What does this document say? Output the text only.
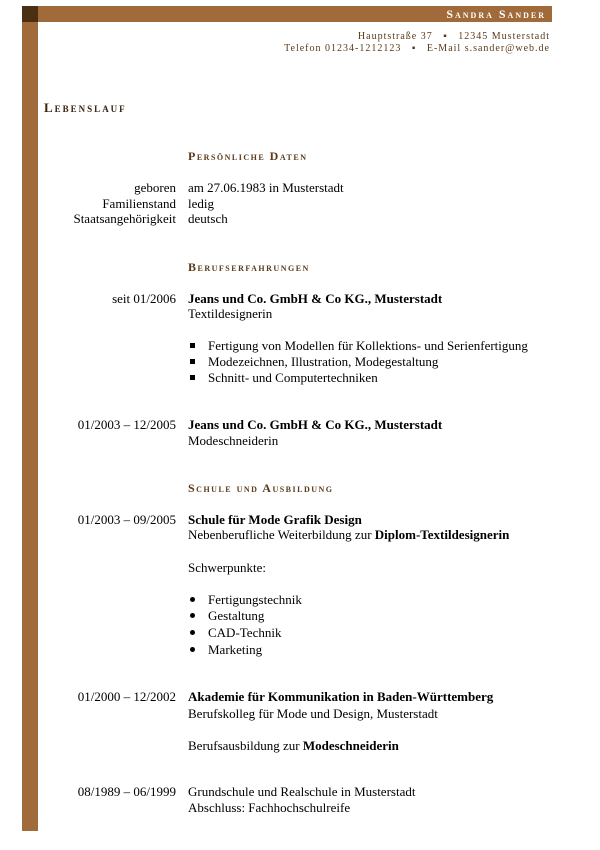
Sandra Sander
Hauptstraße 37   ▪   12345 Musterstadt
Telefon 01234-1212123   ▪   E-Mail s.sander@web.de
Lebenslauf
Persönliche Daten
geboren am 27.06.1983 in Musterstadt
Familienstand ledig
Staatsangehörigkeit deutsch
Berufserfahrungen
seit 01/2006 Jeans und Co. GmbH & Co KG., Musterstadt
Textildesignerin
Fertigung von Modellen für Kollektions- und Serienfertigung
Modezeichnen, Illustration, Modegestaltung
Schnitt- und Computertechniken
01/2003 – 12/2005 Jeans und Co. GmbH & Co KG., Musterstadt
Modeschneiderin
Schule und Ausbildung
01/2003 – 09/2005 Schule für Mode Grafik Design
Nebenberufliche Weiterbildung zur Diplom-Textildesignerin
Schwerpunkte:
Fertigungstechnik
Gestaltung
CAD-Technik
Marketing
01/2000 – 12/2002 Akademie für Kommunikation in Baden-Württemberg
Berufskolleg für Mode und Design, Musterstadt
Berufsausbildung zur Modeschneiderin
08/1989 – 06/1999 Grundschule und Realschule in Musterstadt
Abschluss: Fachhochschulreife
